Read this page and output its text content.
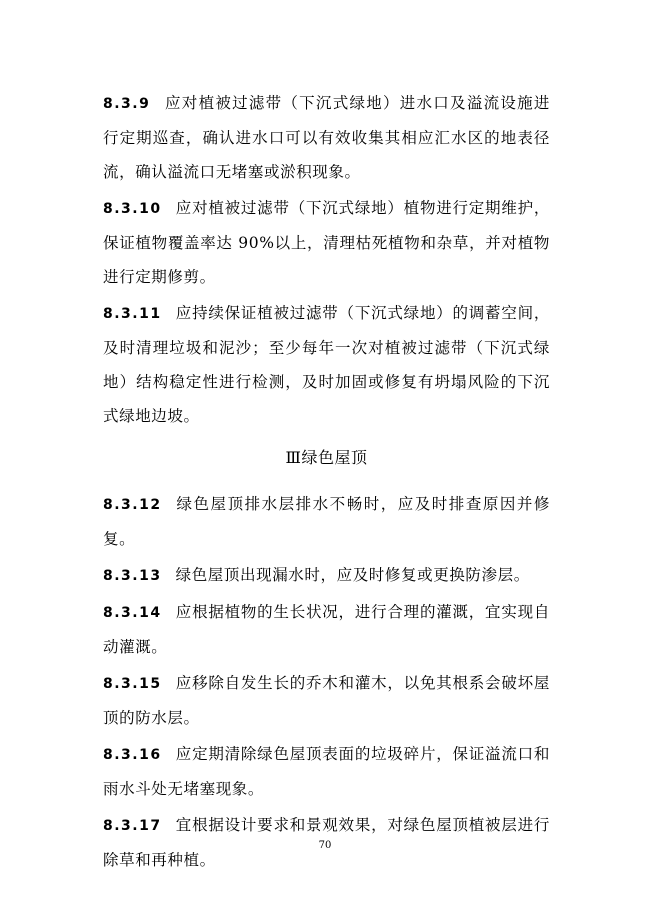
8.3.9 应对植被过滤带（下沉式绿地）进水口及溢流设施进行定期巡查，确认进水口可以有效收集其相应汇水区的地表径流，确认溢流口无堵塞或淤积现象。

8.3.10 应对植被过滤带（下沉式绿地）植物进行定期维护，保证植物覆盖率达 90%以上，清理枯死植物和杂草，并对植物进行定期修剪。

8.3.11 应持续保证植被过滤带（下沉式绿地）的调蓄空间，及时清理垃圾和泥沙；至少每年一次对植被过滤带（下沉式绿地）结构稳定性进行检测，及时加固或修复有坍塌风险的下沉式绿地边坡。

Ⅲ绿色屋顶

8.3.12 绿色屋顶排水层排水不畅时，应及时排查原因并修复。

8.3.13 绿色屋顶出现漏水时，应及时修复或更换防渗层。

8.3.14 应根据植物的生长状况，进行合理的灌溉，宜实现自动灌溉。

8.3.15 应移除自发生长的乔木和灌木，以免其根系会破坏屋顶的防水层。

8.3.16 应定期清除绿色屋顶表面的垃圾碎片，保证溢流口和雨水斗处无堵塞现象。

8.3.17 宜根据设计要求和景观效果，对绿色屋顶植被层进行除草和再种植。

70
